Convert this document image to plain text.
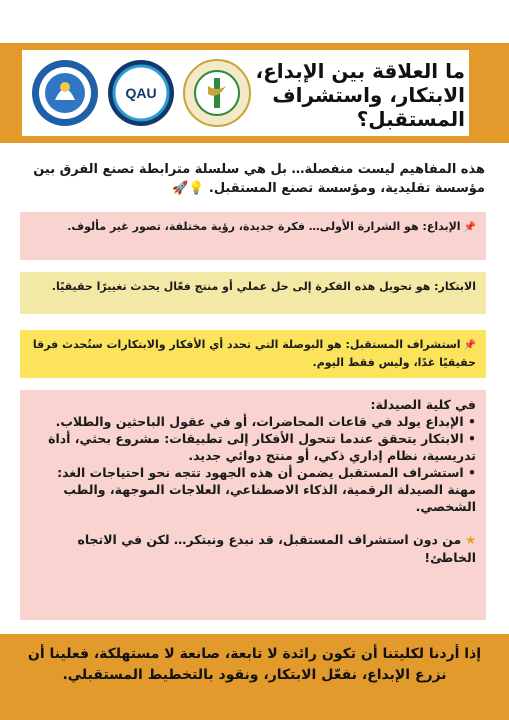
QAU
ما العلاقة بين الإبداع، الابتكار، واستشراف المستقبل؟
هذه المفاهيم ليست منفصلة… بل هي سلسلة مترابطة تصنع الفرق بين مؤسسة تقليدية، ومؤسسة تصنع المستقبل. 💡🚀
📌الإبداع: هو الشرارة الأولى… فكرة جديدة، رؤية مختلفة، تصور غير مألوف.
الابتكار: هو تحويل هذه الفكرة إلى حل عملي أو منتج فعّال يحدث تغييرًا حقيقيًا.
📌استشراف المستقبل: هو البوصلة التي تحدد أي الأفكار والابتكارات ستُحدث فرقا حقيقيًا غدًا، وليس فقط اليوم.
في كلية الصيدلة:
• الإبداع يولد في قاعات المحاضرات، أو في عقول الباحثين والطلاب.
• الابتكار يتحقق عندما تتحول الأفكار إلى تطبيقات: مشروع بحثي، أداة تدريسية، نظام إداري ذكي، أو منتج دوائي جديد.
• استشراف المستقبل يضمن أن هذه الجهود تتجه نحو احتياجات الغد: مهنة الصيدلة الرقمية، الذكاء الاصطناعي، العلاجات الموجهة، والطب الشخصي.
★من دون استشراف المستقبل، قد نبدع ونبتكر… لكن في الاتجاه الخاطئ!
إذا أردنا لكليتنا أن تكون رائدة لا تابعة، صانعة لا مستهلكة، فعلينا أن نزرع الإبداع، نفعّل الابتكار، ونقود بالتخطيط المستقبلي.
